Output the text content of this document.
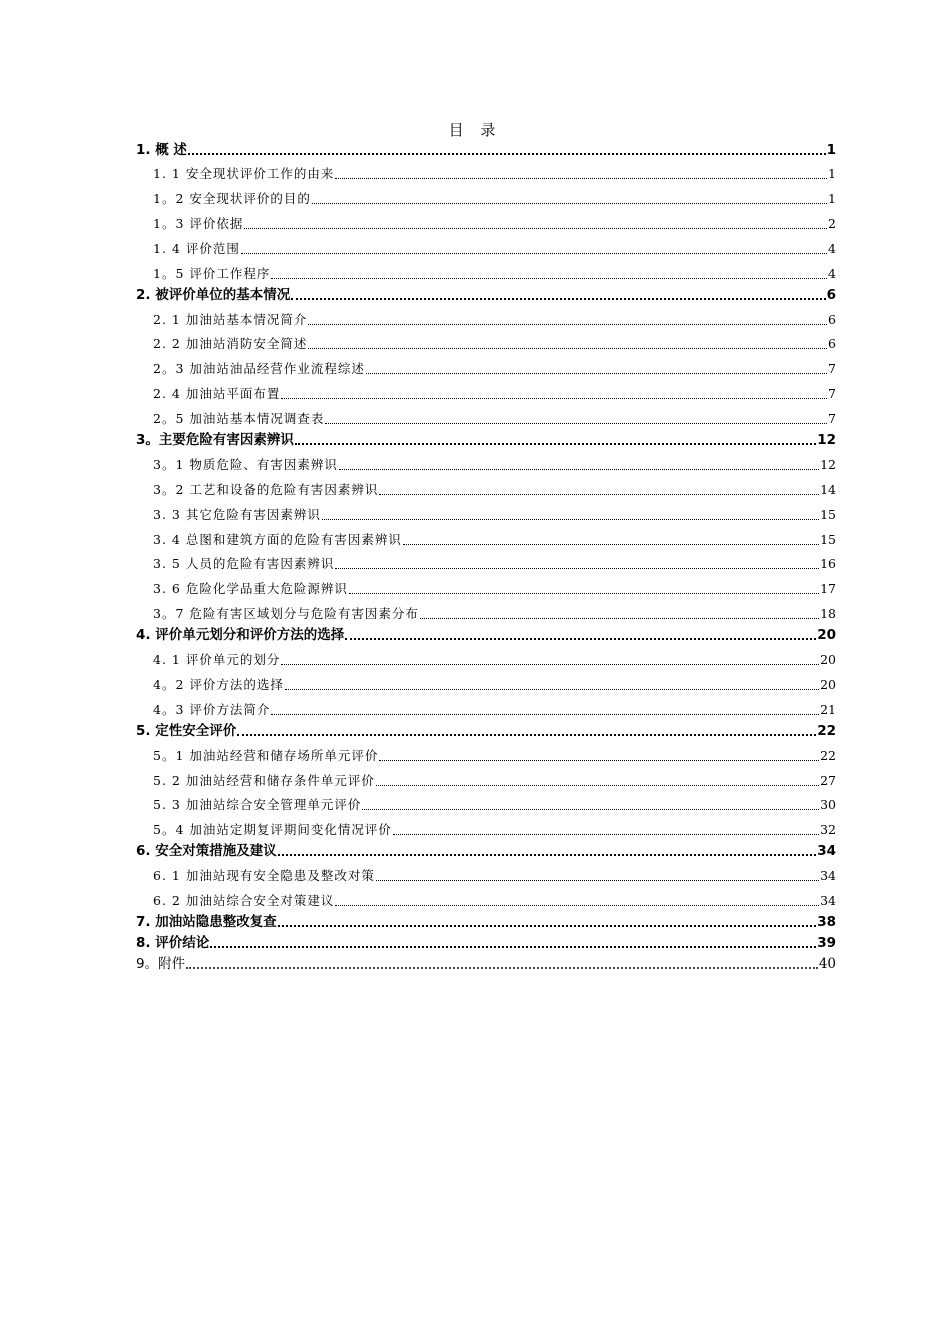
目 录
1. 概 述	1
1. 1 安全现状评价工作的由来	1
1。2 安全现状评价的目的	1
1。3 评价依据	2
1. 4 评价范围	4
1。5 评价工作程序	4
2. 被评价单位的基本情况	6
2. 1 加油站基本情况简介	6
2. 2 加油站消防安全简述	6
2。3 加油站油品经营作业流程综述	7
2. 4 加油站平面布置	7
2。5 加油站基本情况调查表	7
3。主要危险有害因素辨识	12
3。1 物质危险、有害因素辨识	12
3。2 工艺和设备的危险有害因素辨识	14
3. 3 其它危险有害因素辨识	15
3. 4 总图和建筑方面的危险有害因素辨识	15
3. 5 人员的危险有害因素辨识	16
3. 6 危险化学品重大危险源辨识	17
3。7 危险有害区域划分与危险有害因素分布	18
4. 评价单元划分和评价方法的选择	20
4. 1 评价单元的划分	20
4。2 评价方法的选择	20
4。3 评价方法简介	21
5. 定性安全评价	22
5。1 加油站经营和储存场所单元评价	22
5. 2 加油站经营和储存条件单元评价	27
5. 3 加油站综合安全管理单元评价	30
5。4 加油站定期复评期间变化情况评价	32
6. 安全对策措施及建议	34
6. 1 加油站现有安全隐患及整改对策	34
6. 2 加油站综合安全对策建议	34
7. 加油站隐患整改复查	38
8. 评价结论	39
9。附件	40
